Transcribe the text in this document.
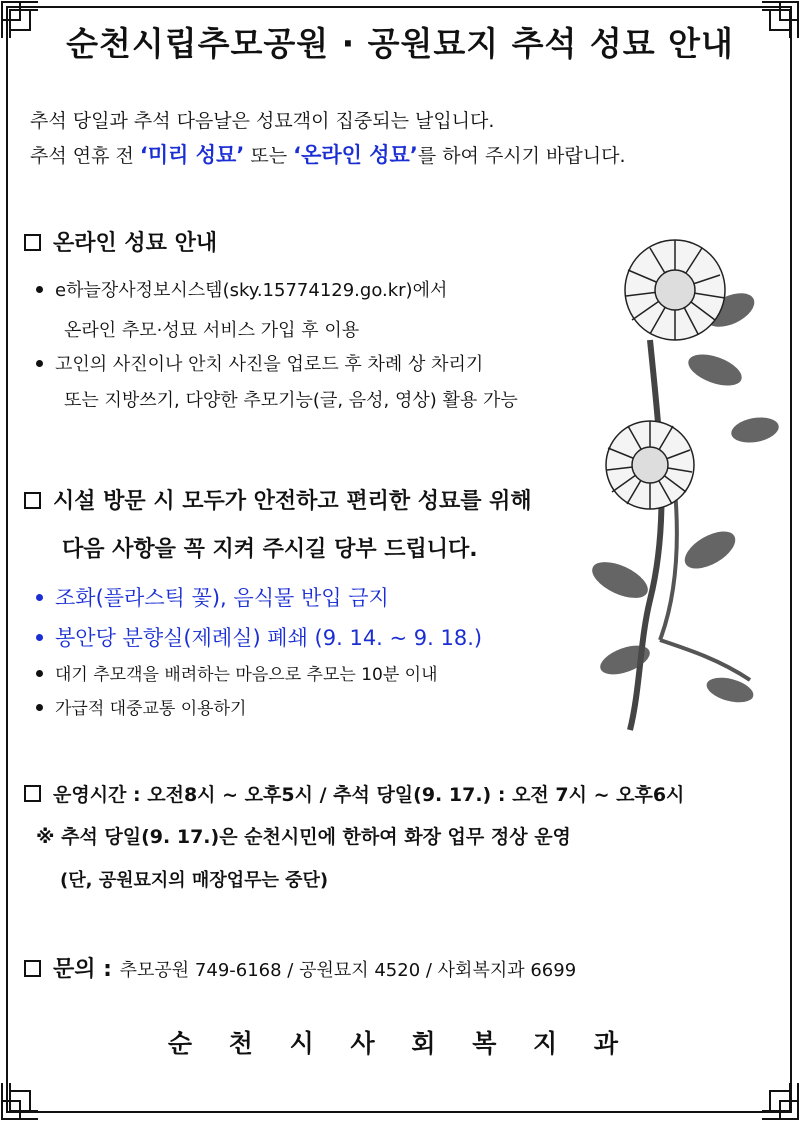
순천시립추모공원 · 공원묘지 추석 성묘 안내
추석 당일과 추석 다음날은 성묘객이 집중되는 날입니다.
추석 연휴 전 ‘미리 성묘’ 또는 ‘온라인 성묘’를 하여 주시기 바랍니다.
온라인 성묘 안내
e하늘장사정보시스템(sky.15774129.go.kr)에서
온라인 추모·성묘 서비스 가입 후 이용
고인의 사진이나 안치 사진을 업로드 후 차례 상 차리기
또는 지방쓰기, 다양한 추모기능(글, 음성, 영상) 활용 가능
시설 방문 시 모두가 안전하고 편리한 성묘를 위해
다음 사항을 꼭 지켜 주시길 당부 드립니다.
조화(플라스틱 꽃), 음식물 반입 금지
봉안당 분향실(제례실) 폐쇄 (9. 14. ~ 9. 18.)
대기 추모객을 배려하는 마음으로 추모는 10분 이내
가급적 대중교통 이용하기
운영시간 : 오전8시 ~ 오후5시 / 추석 당일(9. 17.) : 오전 7시 ~ 오후6시
※ 추석 당일(9. 17.)은 순천시민에 한하여 화장 업무 정상 운영
(단, 공원묘지의 매장업무는 중단)
문의 : 추모공원 749-6168 / 공원묘지 4520 / 사회복지과 6699
순 천 시 사 회 복 지 과
